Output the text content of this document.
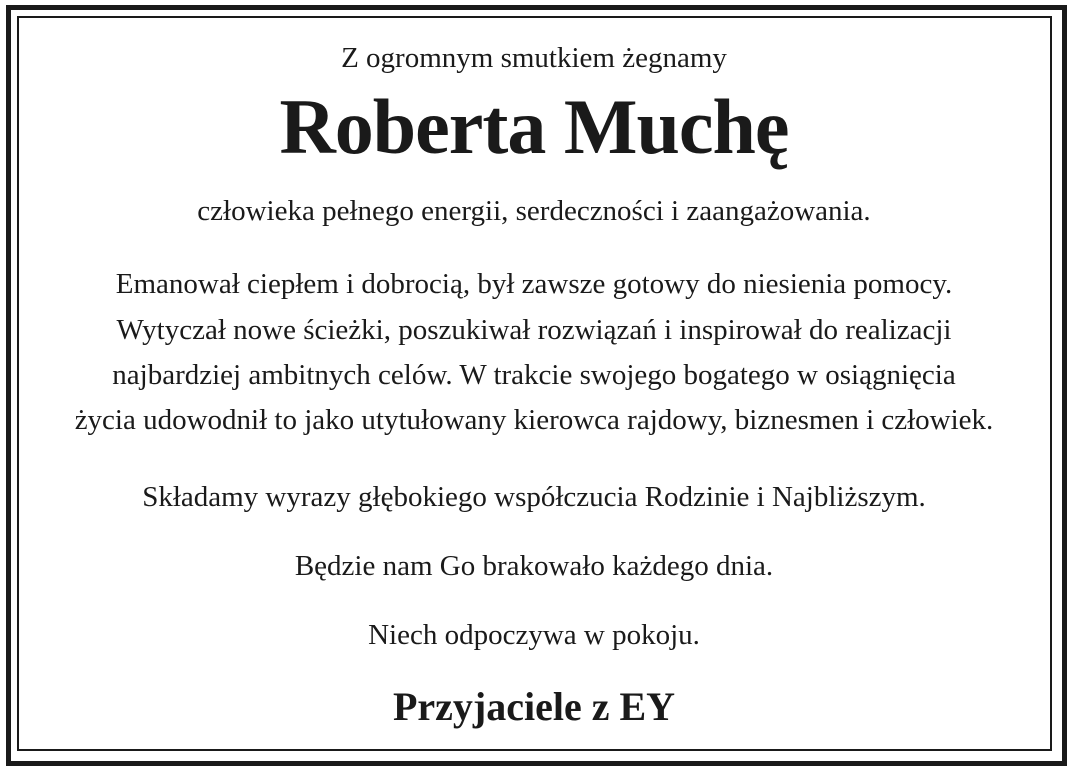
Z ogromnym smutkiem żegnamy
Roberta Muchę
człowieka pełnego energii, serdeczności i zaangażowania.
Emanował ciepłem i dobrocią, był zawsze gotowy do niesienia pomocy.
Wytyczał nowe ścieżki, poszukiwał rozwiązań i inspirował do realizacji
najbardziej ambitnych celów. W trakcie swojego bogatego w osiągnięcia
życia udowodnił to jako utytułowany kierowca rajdowy, biznesmen i człowiek.
Składamy wyrazy głębokiego współczucia Rodzinie i Najbliższym.
Będzie nam Go brakowało każdego dnia.
Niech odpoczywa w pokoju.
Przyjaciele z EY
